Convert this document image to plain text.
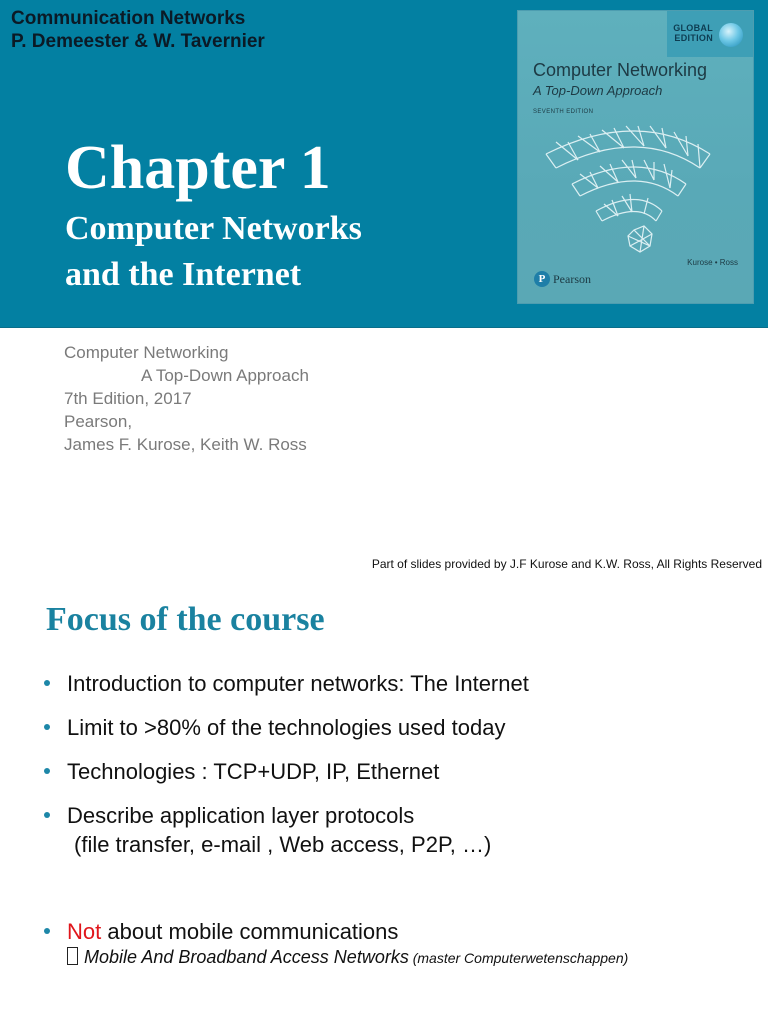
Communication Networks
P. Demeester & W. Tavernier
Chapter 1
Computer Networks
and the Internet
GLOBAL
EDITION
Computer Networking
A Top-Down Approach
SEVENTH EDITION
Kurose • Ross
P Pearson
Computer Networking
A Top-Down Approach
7th Edition, 2017
Pearson,
James F. Kurose, Keith W. Ross
Part of slides provided by J.F Kurose and K.W. Ross, All Rights Reserved
Focus of the course
Introduction to computer networks: The Internet
Limit to >80% of the technologies used today
Technologies : TCP+UDP, IP, Ethernet
Describe application layer protocols
(file transfer, e-mail , Web access, P2P, …)
Not about mobile communications
Mobile And Broadband Access Networks (master Computerwetenschappen)
